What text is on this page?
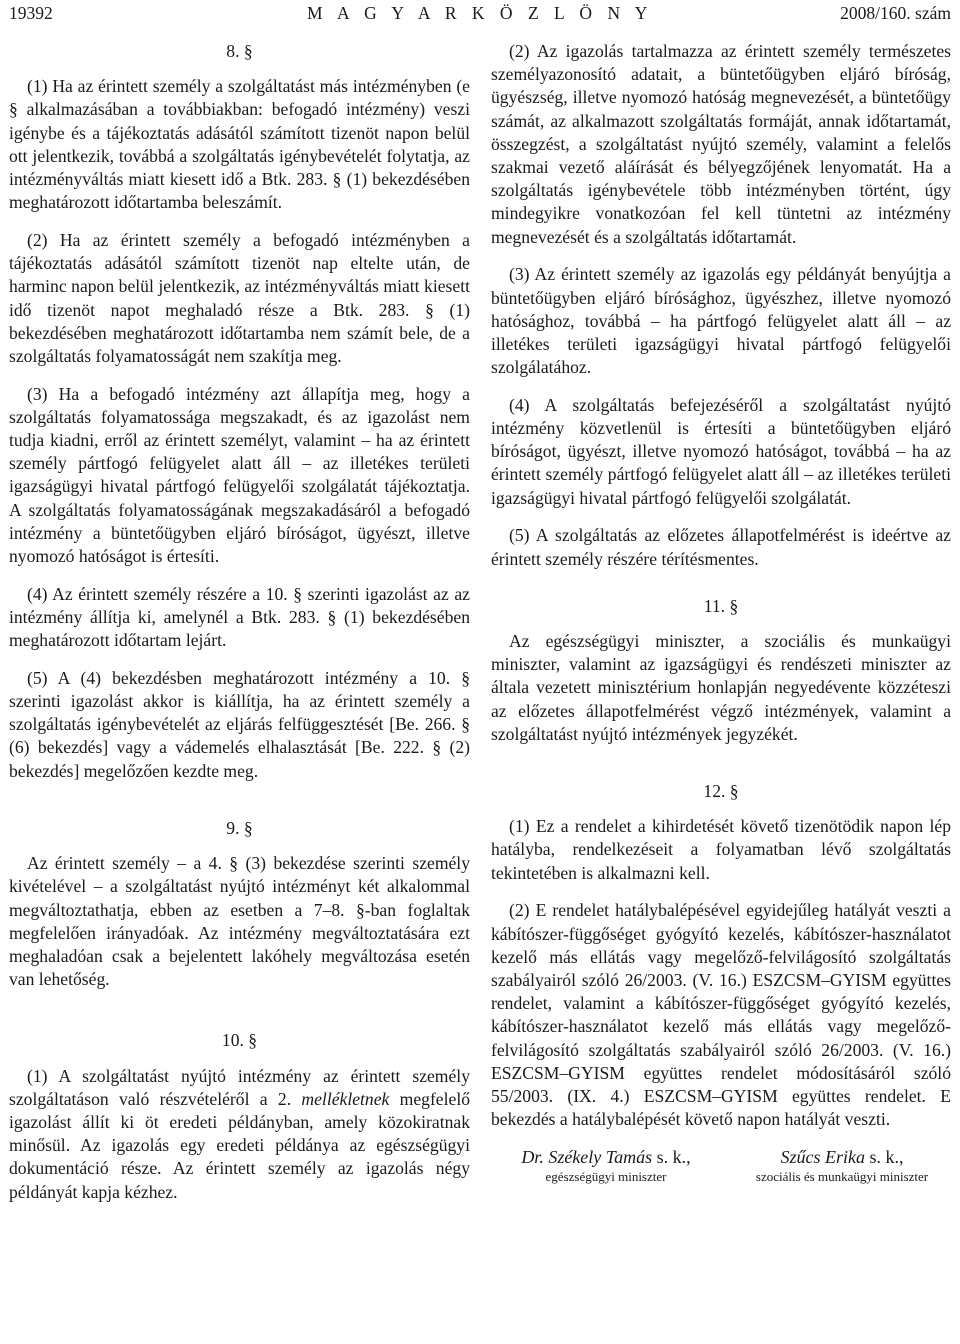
19392	M A G Y A R K Ö Z L Ö N Y	2008/160. szám
8. §

(1) Ha az érintett személy a szolgáltatást más intézményben (e § alkalmazásában a továbbiakban: befogadó intézmény) veszi igénybe és a tájékoztatás adásától számított tizenöt napon belül ott jelentkezik, továbbá a szolgáltatás igénybevételét folytatja, az intézményváltás miatt kiesett idő a Btk. 283. § (1) bekezdésében meghatározott időtartamba beleszámít.

(2) Ha az érintett személy a befogadó intézményben a tájékoztatás adásától számított tizenöt nap eltelte után, de harminc napon belül jelentkezik, az intézményváltás miatt kiesett idő tizenöt napot meghaladó része a Btk. 283. § (1) bekezdésében meghatározott időtartamba nem számít bele, de a szolgáltatás folyamatosságát nem szakítja meg.

(3) Ha a befogadó intézmény azt állapítja meg, hogy a szolgáltatás folyamatossága megszakadt, és az igazolást nem tudja kiadni, erről az érintett személyt, valamint – ha az érintett személy pártfogó felügyelet alatt áll – az illetékes területi igazságügyi hivatal pártfogó felügyelői szolgálatát tájékoztatja. A szolgáltatás folyamatosságának megszakadásáról a befogadó intézmény a büntetőügyben eljáró bíróságot, ügyészt, illetve nyomozó hatóságot is értesíti.

(4) Az érintett személy részére a 10. § szerinti igazolást az az intézmény állítja ki, amelynél a Btk. 283. § (1) bekezdésében meghatározott időtartam lejárt.

(5) A (4) bekezdésben meghatározott intézmény a 10. § szerinti igazolást akkor is kiállítja, ha az érintett személy a szolgáltatás igénybevételét az eljárás felfüggesztését [Be. 266. § (6) bekezdés] vagy a vádemelés elhalasztását [Be. 222. § (2) bekezdés] megelőzően kezdte meg.

9. §

Az érintett személy – a 4. § (3) bekezdése szerinti személy kivételével – a szolgáltatást nyújtó intézményt két alkalommal megváltoztathatja, ebben az esetben a 7–8. §-ban foglaltak megfelelően irányadóak. Az intézmény megváltoztatására ezt meghaladóan csak a bejelentett lakóhely megváltozása esetén van lehetőség.

10. §

(1) A szolgáltatást nyújtó intézmény az érintett személy szolgáltatáson való részvételéről a 2. mellékletnek megfelelő igazolást állít ki öt eredeti példányban, amely közokiratnak minősül. Az igazolás egy eredeti példánya az egészségügyi dokumentáció része. Az érintett személy az igazolás négy példányát kapja kézhez.

(2) Az igazolás tartalmazza az érintett személy természetes személyazonosító adatait, a büntetőügyben eljáró bíróság, ügyészség, illetve nyomozó hatóság megnevezését, a büntetőügy számát, az alkalmazott szolgáltatás formáját, annak időtartamát, összegzést, a szolgáltatást nyújtó személy, valamint a felelős szakmai vezető aláírását és bélyegzőjének lenyomatát. Ha a szolgáltatás igénybevétele több intézményben történt, úgy mindegyikre vonatkozóan fel kell tüntetni az intézmény megnevezését és a szolgáltatás időtartamát.

(3) Az érintett személy az igazolás egy példányát benyújtja a büntetőügyben eljáró bírósághoz, ügyészhez, illetve nyomozó hatósághoz, továbbá – ha pártfogó felügyelet alatt áll – az illetékes területi igazságügyi hivatal pártfogó felügyelői szolgálatához.

(4) A szolgáltatás befejezéséről a szolgáltatást nyújtó intézmény közvetlenül is értesíti a büntetőügyben eljáró bíróságot, ügyészt, illetve nyomozó hatóságot, továbbá – ha az érintett személy pártfogó felügyelet alatt áll – az illetékes területi igazságügyi hivatal pártfogó felügyelői szolgálatát.

(5) A szolgáltatás az előzetes állapotfelmérést is ideértve az érintett személy részére térítésmentes.

11. §

Az egészségügyi miniszter, a szociális és munkaügyi miniszter, valamint az igazságügyi és rendészeti miniszter az általa vezetett minisztérium honlapján negyedévente közzéteszi az előzetes állapotfelmérést végző intézmények, valamint a szolgáltatást nyújtó intézmények jegyzékét.

12. §

(1) Ez a rendelet a kihirdetését követő tizenötödik napon lép hatályba, rendelkezéseit a folyamatban lévő szolgáltatás tekintetében is alkalmazni kell.

(2) E rendelet hatálybalépésével egyidejűleg hatályát veszti a kábítószer-függőséget gyógyító kezelés, kábítószer-használatot kezelő más ellátás vagy megelőző-felvilágosító szolgáltatás szabályairól szóló 26/2003. (V. 16.) ESZCSM–GYISM együttes rendelet, valamint a kábítószer-függőséget gyógyító kezelés, kábítószer-használatot kezelő más ellátás vagy megelőző-felvilágosító szolgáltatás szabályairól szóló 26/2003. (V. 16.) ESZCSM–GYISM együttes rendelet módosításáról szóló 55/2003. (IX. 4.) ESZCSM–GYISM együttes rendelet. E bekezdés a hatálybalépését követő napon hatályát veszti.

Dr. Székely Tamás s. k.,
egészségügyi miniszter
Szűcs Erika s. k.,
szociális és munkaügyi miniszter
